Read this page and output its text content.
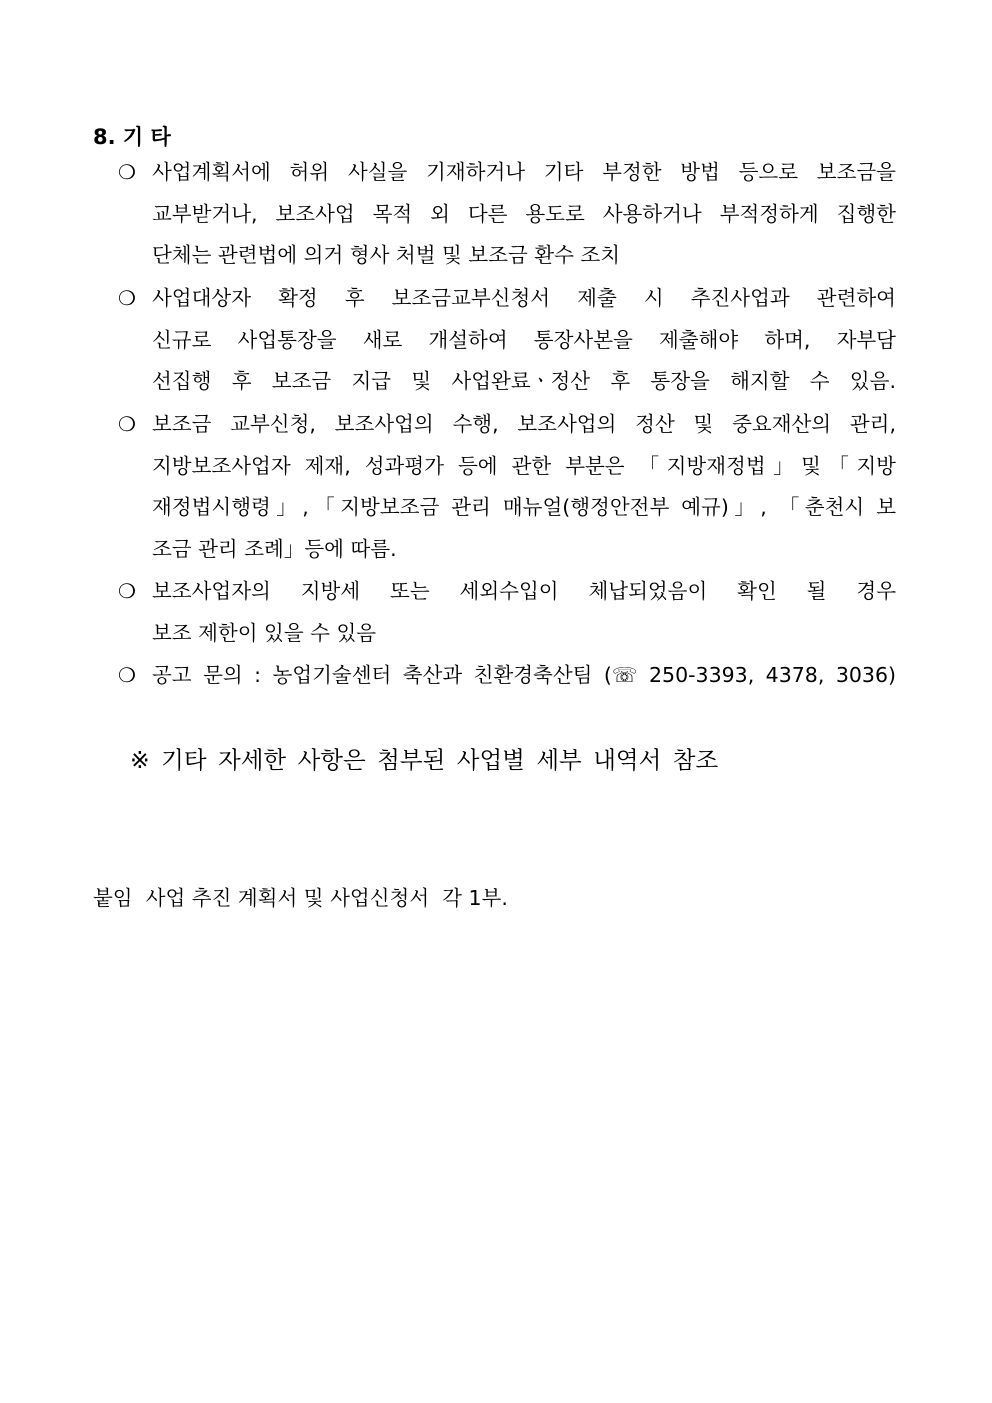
8. 기 타
❍ 사업계획서에 허위 사실을 기재하거나 기타 부정한 방법 등으로 보조금을
교부받거나, 보조사업 목적 외 다른 용도로 사용하거나 부적정하게 집행한
단체는 관련법에 의거 형사 처벌 및 보조금 환수 조치
❍ 사업대상자 확정 후 보조금교부신청서 제출 시 추진사업과 관련하여
신규로 사업통장을 새로 개설하여 통장사본을 제출해야 하며, 자부담
선집행 후 보조금 지급 및 사업완료ㆍ정산 후 통장을 해지할 수 있음.
❍ 보조금 교부신청, 보조사업의 수행, 보조사업의 정산 및 중요재산의 관리,
지방보조사업자 제재, 성과평가 등에 관한 부분은 「지방재정법」및「지방
재정법시행령」,「지방보조금 관리 매뉴얼(행정안전부 예규)」, 「춘천시 보
조금 관리 조례」등에 따름.
❍ 보조사업자의 지방세 또는 세외수입이 체납되었음이 확인 될 경우
보조 제한이 있을 수 있음
❍ 공고 문의 : 농업기술센터 축산과 친환경축산팀 (☏ 250-3393, 4378, 3036)
※ 기타 자세한 사항은 첨부된 사업별 세부 내역서 참조
붙임  사업 추진 계획서 및 사업신청서  각 1부.
